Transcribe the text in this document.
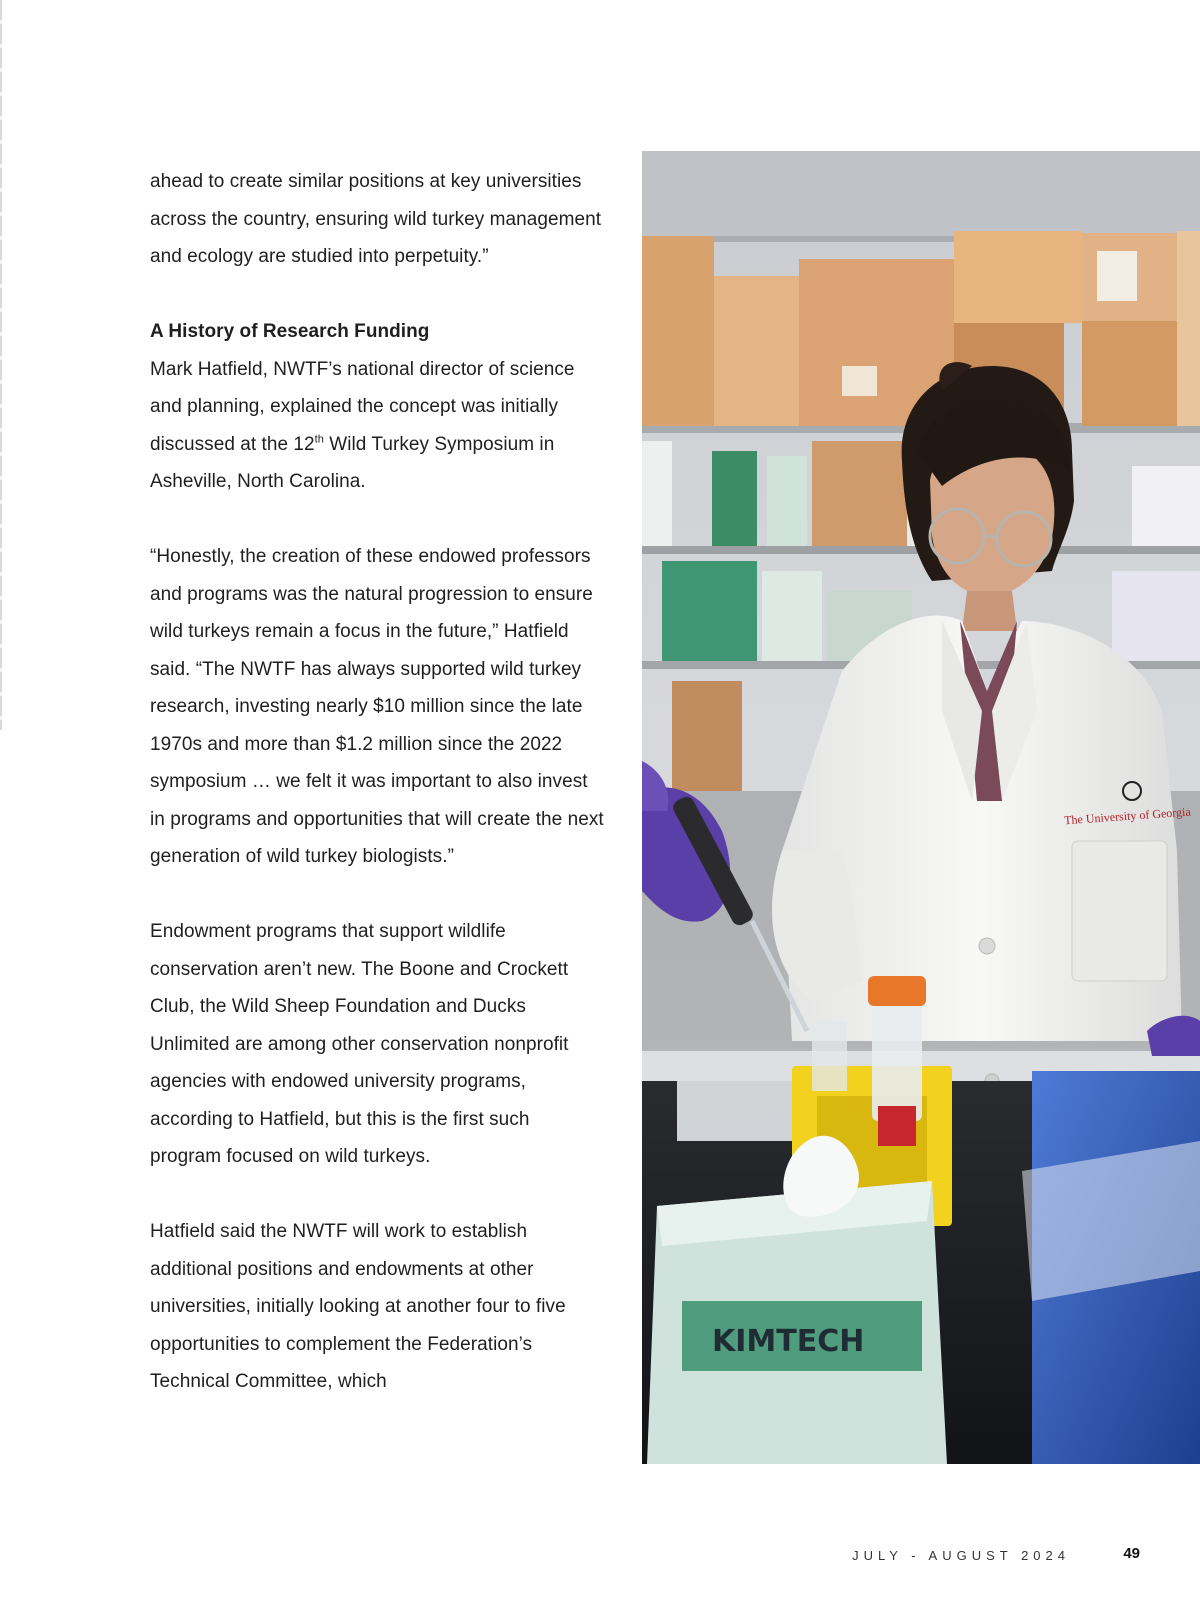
ahead to create similar positions at key universities across the country, ensuring wild turkey management and ecology are studied into perpetuity.”

A History of Research Funding
Mark Hatfield, NWTF’s national director of science and planning, explained the concept was initially discussed at the 12th Wild Turkey Symposium in Asheville, North Carolina.

“Honestly, the creation of these endowed professors and programs was the natural progression to ensure wild turkeys remain a focus in the future,” Hatfield said. “The NWTF has always supported wild turkey research, investing nearly $10 million since the late 1970s and more than $1.2 million since the 2022 symposium … we felt it was important to also invest in programs and opportunities that will create the next generation of wild turkey biologists.”

Endowment programs that support wildlife conservation aren’t new. The Boone and Crockett Club, the Wild Sheep Foundation and Ducks Unlimited are among other conservation nonprofit agencies with endowed university programs, according to Hatfield, but this is the first such program focused on wild turkeys.

Hatfield said the NWTF will work to establish additional positions and endowments at other universities, initially looking at another four to five opportunities to complement the Federation’s Technical Committee, which

The University of Georgia
KIMTECH
JULY - AUGUST 2024	49
